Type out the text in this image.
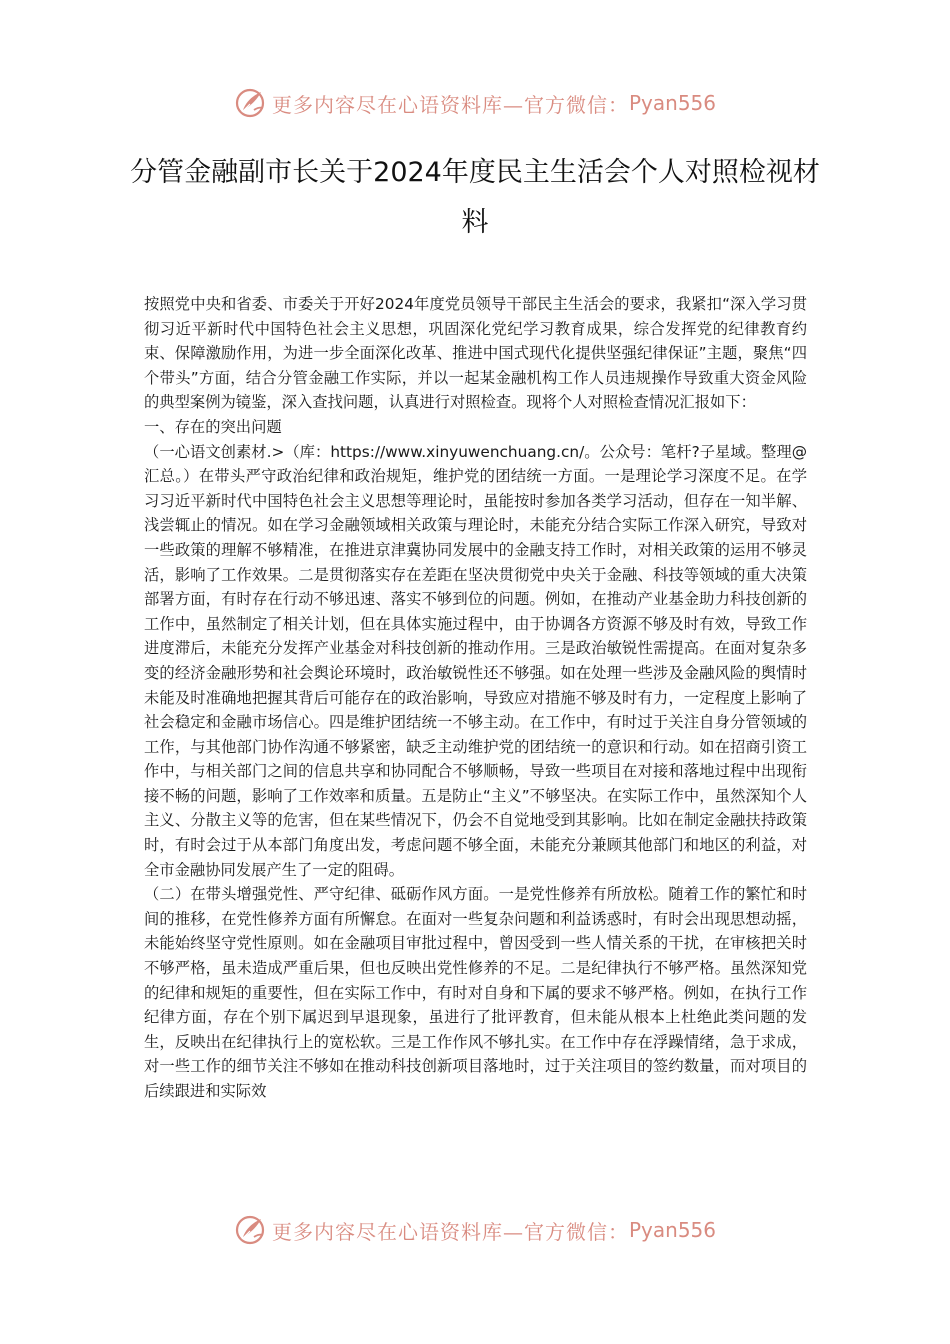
更多内容尽在心语资料库—官方微信： Pyan556
分管金融副市长关于2024年度民主生活会个人对照检视材料

按照党中央和省委、市委关于开好2024年度党员领导干部民主生活会的要求，我紧扣“深入学习贯彻习近平新时代中国特色社会主义思想，巩固深化党纪学习教育成果，综合发挥党的纪律教育约束、保障激励作用，为进一步全面深化改革、推进中国式现代化提供坚强纪律保证”主题，聚焦“四个带头”方面，结合分管金融工作实际，并以一起某金融机构工作人员违规操作导致重大资金风险的典型案例为镜鉴，深入查找问题，认真进行对照检查。现将个人对照检查情况汇报如下：

一、存在的突出问题

（一心语文创素材.>（库：https://www.xinyuwenchuang.cn/。公众号：笔杆?子星域。整理@汇总。）在带头严守政治纪律和政治规矩，维护党的团结统一方面。一是理论学习深度不足。在学习习近平新时代中国特色社会主义思想等理论时，虽能按时参加各类学习活动，但存在一知半解、浅尝辄止的情况。如在学习金融领域相关政策与理论时，未能充分结合实际工作深入研究，导致对一些政策的理解不够精准，在推进京津冀协同发展中的金融支持工作时，对相关政策的运用不够灵活，影响了工作效果。二是贯彻落实存在差距在坚决贯彻党中央关于金融、科技等领域的重大决策部署方面，有时存在行动不够迅速、落实不够到位的问题。例如，在推动产业基金助力科技创新的工作中，虽然制定了相关计划，但在具体实施过程中，由于协调各方资源不够及时有效，导致工作进度滞后，未能充分发挥产业基金对科技创新的推动作用。三是政治敏锐性需提高。在面对复杂多变的经济金融形势和社会舆论环境时，政治敏锐性还不够强。如在处理一些涉及金融风险的舆情时未能及时准确地把握其背后可能存在的政治影响，导致应对措施不够及时有力，一定程度上影响了社会稳定和金融市场信心。四是维护团结统一不够主动。在工作中，有时过于关注自身分管领域的工作，与其他部门协作沟通不够紧密，缺乏主动维护党的团结统一的意识和行动。如在招商引资工作中，与相关部门之间的信息共享和协同配合不够顺畅，导致一些项目在对接和落地过程中出现衔接不畅的问题，影响了工作效率和质量。五是防止“主义”不够坚决。在实际工作中，虽然深知个人主义、分散主义等的危害，但在某些情况下，仍会不自觉地受到其影响。比如在制定金融扶持政策时，有时会过于从本部门角度出发，考虑问题不够全面，未能充分兼顾其他部门和地区的利益，对全市金融协同发展产生了一定的阻碍。

（二）在带头增强党性、严守纪律、砥砺作风方面。一是党性修养有所放松。随着工作的繁忙和时间的推移，在党性修养方面有所懈怠。在面对一些复杂问题和利益诱惑时，有时会出现思想动摇，未能始终坚守党性原则。如在金融项目审批过程中，曾因受到一些人情关系的干扰，在审核把关时不够严格，虽未造成严重后果，但也反映出党性修养的不足。二是纪律执行不够严格。虽然深知党的纪律和规矩的重要性，但在实际工作中，有时对自身和下属的要求不够严格。例如，在执行工作纪律方面，存在个别下属迟到早退现象，虽进行了批评教育，但未能从根本上杜绝此类问题的发生，反映出在纪律执行上的宽松软。三是工作作风不够扎实。在工作中存在浮躁情绪，急于求成，对一些工作的细节关注不够如在推动科技创新项目落地时，过于关注项目的签约数量，而对项目的后续跟进和实际效

更多内容尽在心语资料库—官方微信： Pyan556
